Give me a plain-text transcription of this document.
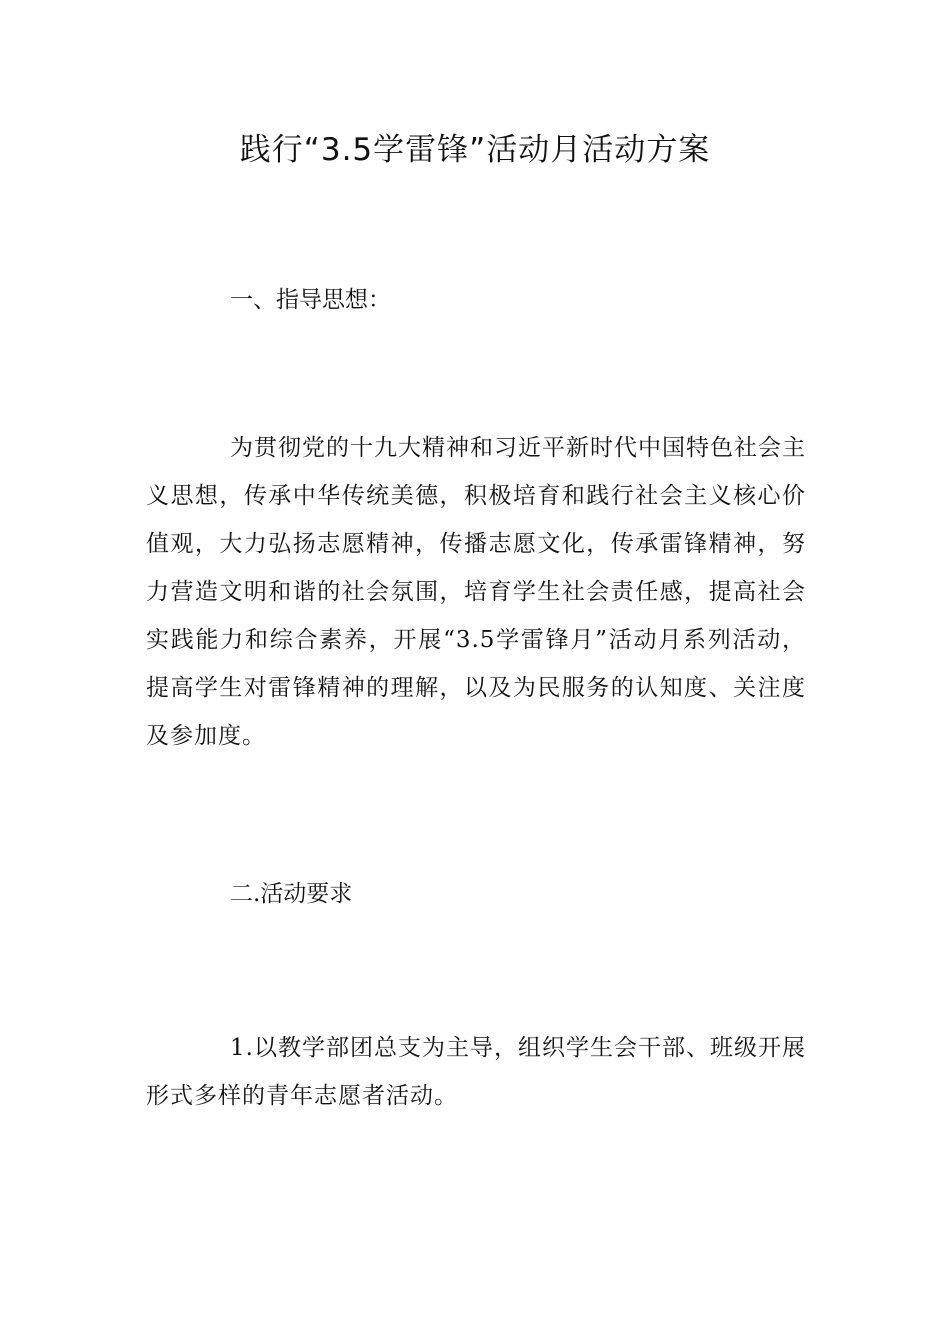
践行“3.5学雷锋”活动月活动方案
一、指导思想：

为贯彻党的十九大精神和习近平新时代中国特色社会主义思想，传承中华传统美德，积极培育和践行社会主义核心价值观，大力弘扬志愿精神，传播志愿文化，传承雷锋精神，努力营造文明和谐的社会氛围，培育学生社会责任感，提高社会实践能力和综合素养，开展“3.5学雷锋月”活动月系列活动，提高学生对雷锋精神的理解，以及为民服务的认知度、关注度及参加度。

二.活动要求

1.以教学部团总支为主导，组织学生会干部、班级开展形式多样的青年志愿者活动。
